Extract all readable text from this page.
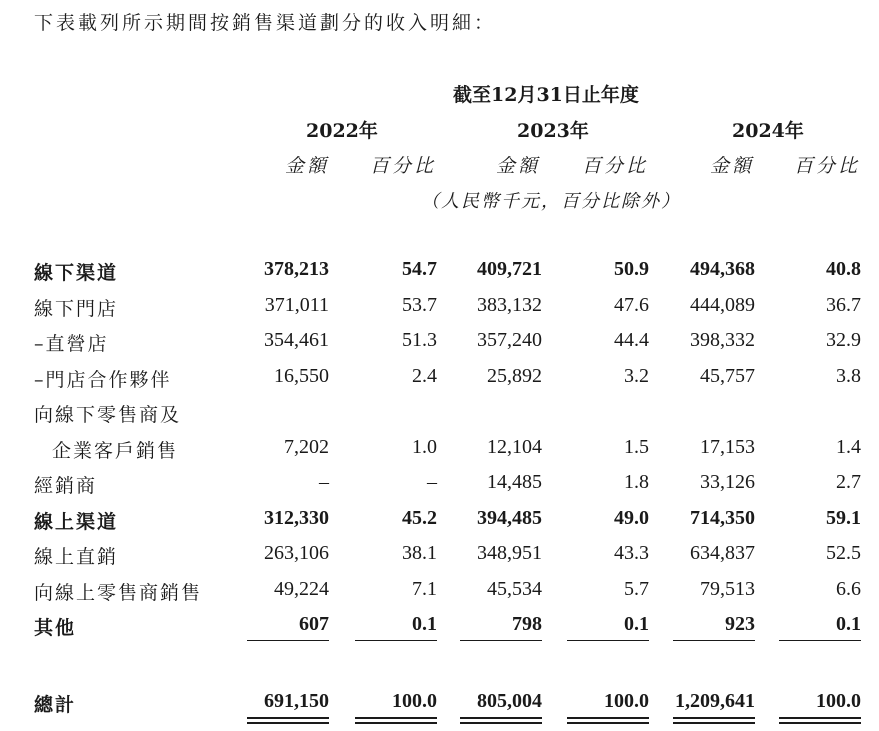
下表載列所示期間按銷售渠道劃分的收入明細：
截至12月31日止年度
2022年	2023年	2024年
金額 百分比	金額 百分比	金額 百分比
（人民幣千元，百分比除外）
線下渠道	378,213	54.7 409,721	50.9 494,368	40.8
線下門店	371,011	53.7 383,132	47.6 444,089	36.7
–直營店	354,461	51.3 357,240	44.4 398,332	32.9
–門店合作夥伴	16,550	2.4	25,892	3.2	45,757	3.8
向線下零售商及
企業客戶銷售	7,202	1.0	12,104	1.5	17,153	1.4
經銷商	–	–	14,485	1.8	33,126	2.7
線上渠道	312,330	45.2 394,485	49.0 714,350	59.1
線上直銷	263,106	38.1 348,951	43.3 634,837	52.5
向線上零售商銷售	49,224	7.1	45,534	5.7	79,513	6.6
其他	607	0.1	798	0.1	923	0.1
總計	691,150	100.0 805,004	100.0 1,209,641	100.0
